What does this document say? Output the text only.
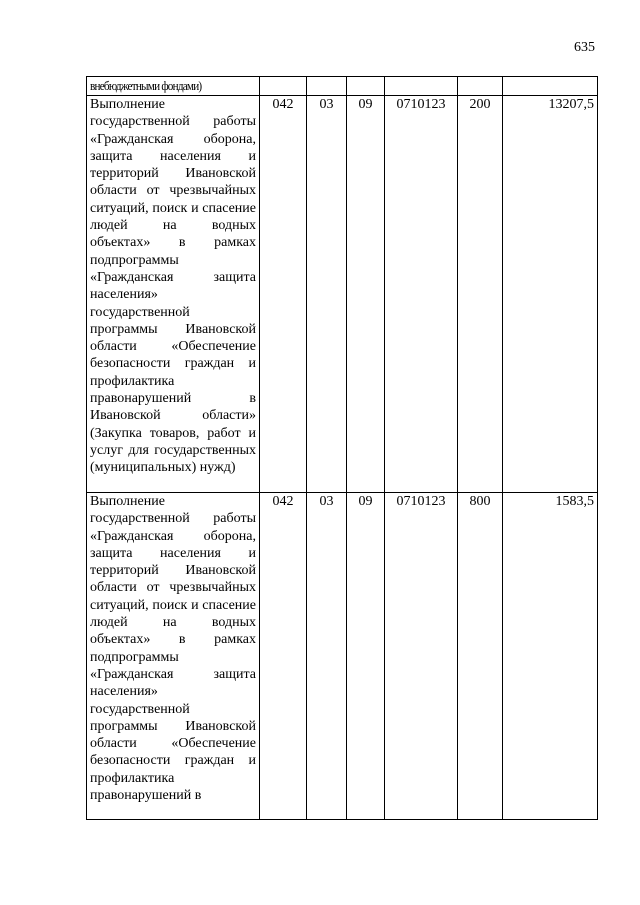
635
внебюджетными фондами)						
Выполнение государственной работы «Гражданская оборона, защита населения и территорий Ивановской области от чрезвычайных ситуаций, поиск и спасение людей на водных объектах» в рамках подпрограммы «Гражданская защита населения» государственной программы Ивановской области «Обеспечение безопасности граждан и профилактика правонарушений в Ивановской области» (Закупка товаров, работ и услуг для государственных (муниципальных) нужд)	042	03	09	0710123	200	13207,5

Выполнение государственной работы «Гражданская оборона, защита населения и территорий Ивановской области от чрезвычайных ситуаций, поиск и спасение людей на водных объектах» в рамках подпрограммы «Гражданская защита населения» государственной программы Ивановской области «Обеспечение безопасности граждан и профилактика правонарушений в	042	03	09	0710123	800	1583,5
